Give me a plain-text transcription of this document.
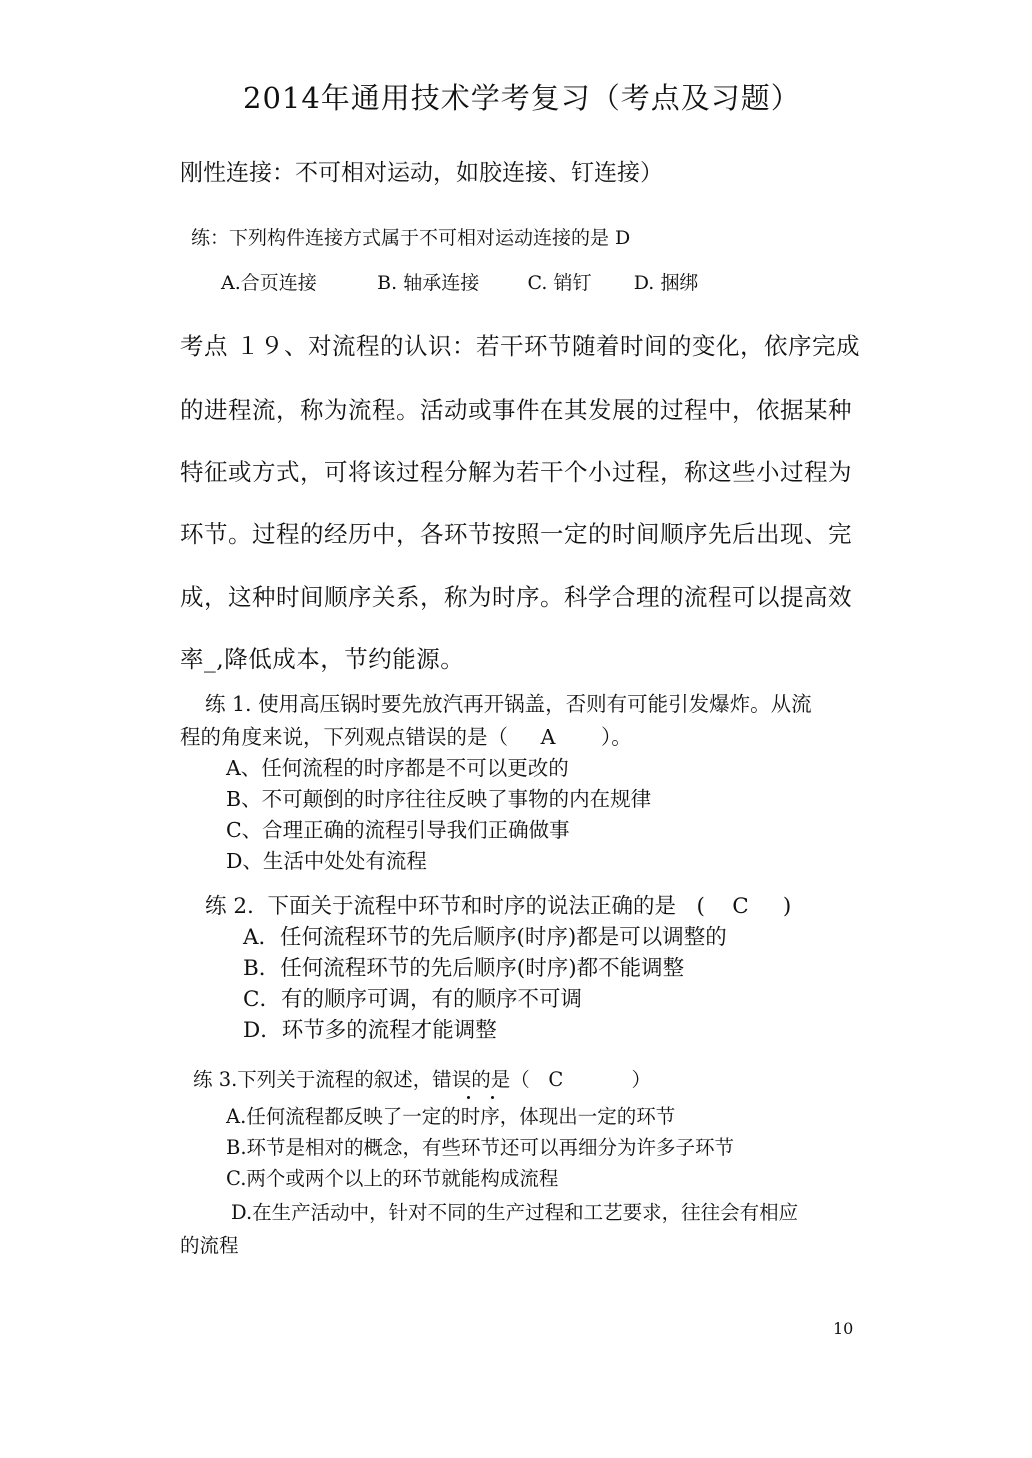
2014年通用技术学考复习（考点及习题）
刚性连接：不可相对运动，如胶连接、钉连接）
练：下列构件连接方式属于不可相对运动连接的是 D
A.合页连接          B. 轴承连接        C. 销钉       D. 捆绑
考点 １９、对流程的认识：若干环节随着时间的变化，依序完成
的进程流，称为流程。活动或事件在其发展的过程中，依据某种
特征或方式，可将该过程分解为若干个小过程，称这些小过程为
环节。过程的经历中，各环节按照一定的时间顺序先后出现、完
成，这种时间顺序关系，称为时序。科学合理的流程可以提高效
率_,降低成本，节约能源。
练 1. 使用高压锅时要先放汽再开锅盖，否则有可能引发爆炸。从流
程的角度来说，下列观点错误的是（     A       ）。
A、任何流程的时序都是不可以更改的
B、不可颠倒的时序往往反映了事物的内在规律
C、合理正确的流程引导我们正确做事
D、生活中处处有流程
练 2.  下面关于流程中环节和时序的说法正确的是   (    C     )
A．任何流程环节的先后顺序(时序)都是可以调整的
B．任何流程环节的先后顺序(时序)都不能调整
C．有的顺序可调，有的顺序不可调
D．环节多的流程才能调整
练 3.下列关于流程的叙述，错误的是（   C           ）
A.任何流程都反映了一定的时序，体现出一定的环节
B.环节是相对的概念，有些环节还可以再细分为许多子环节
C.两个或两个以上的环节就能构成流程
D.在生产活动中，针对不同的生产过程和工艺要求，往往会有相应
的流程
10
